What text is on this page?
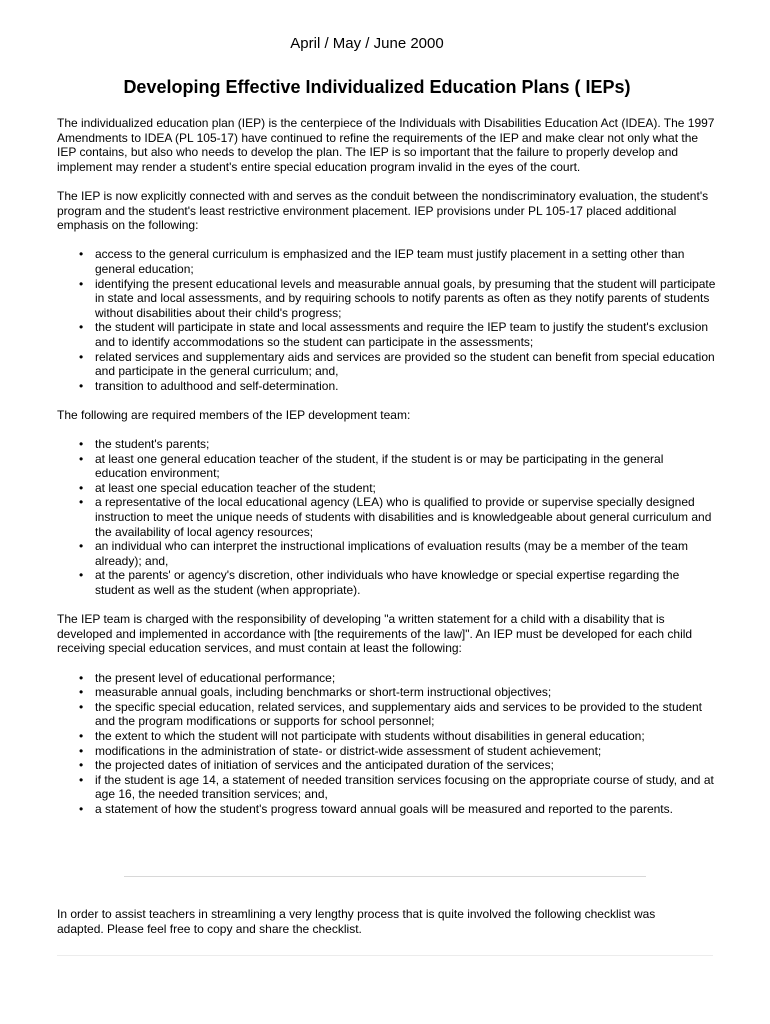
April / May / June 2000
Developing Effective Individualized Education Plans ( IEPs)

The individualized education plan (IEP) is the centerpiece of the Individuals with Disabilities Education Act (IDEA). The 1997 Amendments to IDEA (PL 105-17) have continued to refine the requirements of the IEP and make clear not only what the IEP contains, but also who needs to develop the plan. The IEP is so important that the failure to properly develop and implement may render a student's entire special education program invalid in the eyes of the court.

The IEP is now explicitly connected with and serves as the conduit between the nondiscriminatory evaluation, the student's program and the student's least restrictive environment placement. IEP provisions under PL 105-17 placed additional emphasis on the following:

• access to the general curriculum is emphasized and the IEP team must justify placement in a setting other than general education;
• identifying the present educational levels and measurable annual goals, by presuming that the student will participate in state and local assessments, and by requiring schools to notify parents as often as they notify parents of students without disabilities about their child's progress;
• the student will participate in state and local assessments and require the IEP team to justify the student's exclusion and to identify accommodations so the student can participate in the assessments;
• related services and supplementary aids and services are provided so the student can benefit from special education and participate in the general curriculum; and,
• transition to adulthood and self-determination.

The following are required members of the IEP development team:

• the student's parents;
• at least one general education teacher of the student, if the student is or may be participating in the general education environment;
• at least one special education teacher of the student;
• a representative of the local educational agency (LEA) who is qualified to provide or supervise specially designed instruction to meet the unique needs of students with disabilities and is knowledgeable about general curriculum and the availability of local agency resources;
• an individual who can interpret the instructional implications of evaluation results (may be a member of the team already); and,
• at the parents' or agency's discretion, other individuals who have knowledge or special expertise regarding the student as well as the student (when appropriate).

The IEP team is charged with the responsibility of developing "a written statement for a child with a disability that is developed and implemented in accordance with [the requirements of the law]". An IEP must be developed for each child receiving special education services, and must contain at least the following:

• the present level of educational performance;
• measurable annual goals, including benchmarks or short-term instructional objectives;
• the specific special education, related services, and supplementary aids and services to be provided to the student and the program modifications or supports for school personnel;
• the extent to which the student will not participate with students without disabilities in general education;
• modifications in the administration of state- or district-wide assessment of student achievement;
• the projected dates of initiation of services and the anticipated duration of the services;
• if the student is age 14, a statement of needed transition services focusing on the appropriate course of study, and at age 16, the needed transition services; and,
• a statement of how the student's progress toward annual goals will be measured and reported to the parents.

In order to assist teachers in streamlining a very lengthy process that is quite involved the following checklist was adapted. Please feel free to copy and share the checklist.
